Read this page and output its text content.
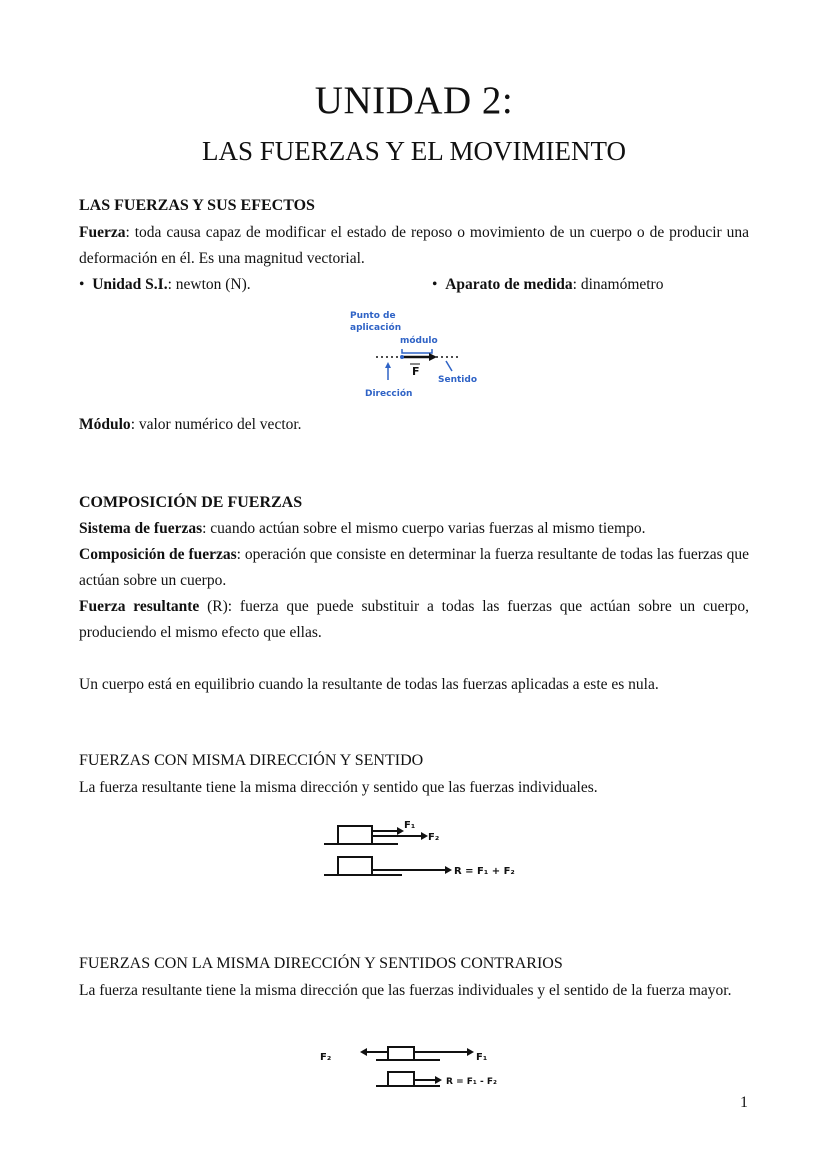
UNIDAD 2:
LAS FUERZAS Y EL MOVIMIENTO
LAS FUERZAS Y SUS EFECTOS
Fuerza: toda causa capaz de modificar el estado de reposo o movimiento de un cuerpo o de producir una deformación en él. Es una magnitud vectorial.
•  Unidad S.I.: newton (N).	•  Aparato de medida: dinamómetro
Punto de
aplicación
módulo
F
Dirección
Sentido
Módulo: valor numérico del vector.
COMPOSICIÓN DE FUERZAS
Sistema de fuerzas: cuando actúan sobre el mismo cuerpo varias fuerzas al mismo tiempo.
Composición de fuerzas: operación que consiste en determinar la fuerza resultante de todas las fuerzas que actúan sobre un cuerpo.
Fuerza resultante (R): fuerza que puede substituir a todas las fuerzas que actúan sobre un cuerpo, produciendo el mismo efecto que ellas.
Un cuerpo está en equilibrio cuando la resultante de todas las fuerzas aplicadas a este es nula.
FUERZAS CON MISMA DIRECCIÓN Y SENTIDO
La fuerza resultante tiene la misma dirección y sentido que las fuerzas individuales.
F₁
F₂
R = F₁ + F₂
FUERZAS CON LA MISMA DIRECCIÓN Y SENTIDOS CONTRARIOS
La fuerza resultante tiene la misma dirección que las fuerzas individuales y el sentido de la fuerza mayor.
F₂	F₁
R = F₁ - F₂
1
